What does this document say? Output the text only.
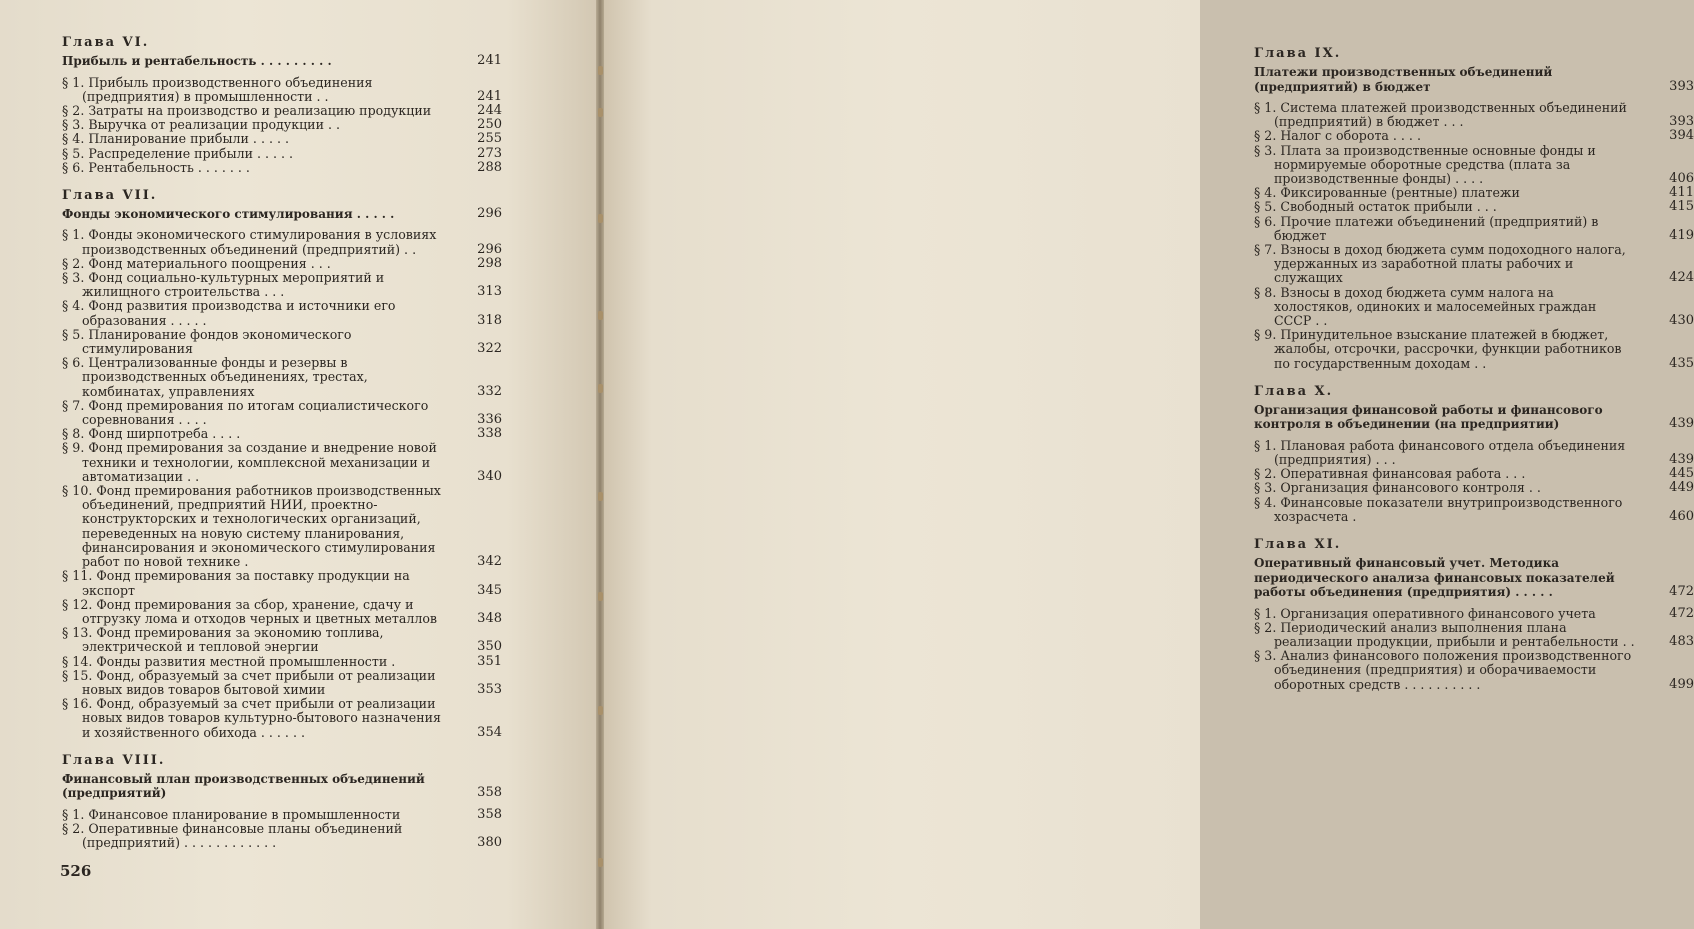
Глава VI.
Прибыль и рентабельность . . . . . . . . .	241
§ 1. Прибыль производственного объединения (предприятия) в промышленности . .	241
§ 2. Затраты на производство и реализацию продукции	244
§ 3. Выручка от реализации продукции . .	250
§ 4. Планирование прибыли . . . . .	255
§ 5. Распределение прибыли . . . . .	273
§ 6. Рентабельность . . . . . . .	288
Глава VII.
Фонды экономического стимулирования . . . . .	296
§ 1. Фонды экономического стимулирования в условиях производственных объединений (предприятий) . .	296
§ 2. Фонд материального поощрения . . .	298
§ 3. Фонд социально-культурных мероприятий и жилищного строительства . . .	313
§ 4. Фонд развития производства и источники его образования . . . . .	318
§ 5. Планирование фондов экономического стимулирования	322
§ 6. Централизованные фонды и резервы в производственных объединениях, трестах, комбинатах, управлениях	332
§ 7. Фонд премирования по итогам социалистического соревнования . . . .	336
§ 8. Фонд ширпотреба . . . .	338
§ 9. Фонд премирования за создание и внедрение новой техники и технологии, комплексной механизации и автоматизации . .	340
§ 10. Фонд премирования работников производственных объединений, предприятий НИИ, проектно-конструкторских и технологических организаций, переведенных на новую систему планирования, финансирования и экономического стимулирования работ по новой технике .	342
§ 11. Фонд премирования за поставку продукции на экспорт	345
§ 12. Фонд премирования за сбор, хранение, сдачу и отгрузку лома и отходов черных и цветных металлов	348
§ 13. Фонд премирования за экономию топлива, электрической и тепловой энергии	350
§ 14. Фонды развития местной промышленности .	351
§ 15. Фонд, образуемый за счет прибыли от реализации новых видов товаров бытовой химии	353
§ 16. Фонд, образуемый за счет прибыли от реализации новых видов товаров культурно-бытового назначения и хозяйственного обихода . . . . . .	354
Глава VIII.
Финансовый план производственных объединений (предприятий)	358
§ 1. Финансовое планирование в промышленности	358
§ 2. Оперативные финансовые планы объединений (предприятий) . . . . . . . . . . . .	380
526
Глава IX.
Платежи производственных объединений (предприятий) в бюджет	393
§ 1. Система платежей производственных объединений (предприятий) в бюджет . . .	393
§ 2. Налог с оборота . . . .	394
§ 3. Плата за производственные основные фонды и нормируемые оборотные средства (плата за производственные фонды) . . . .	406
§ 4. Фиксированные (рентные) платежи	411
§ 5. Свободный остаток прибыли . . .	415
§ 6. Прочие платежи объединений (предприятий) в бюджет	419
§ 7. Взносы в доход бюджета сумм подоходного налога, удержанных из заработной платы рабочих и служащих	424
§ 8. Взносы в доход бюджета сумм налога на холостяков, одиноких и малосемейных граждан СССР . .	430
§ 9. Принудительное взыскание платежей в бюджет, жалобы, отсрочки, рассрочки, функции работников по государственным доходам . .	435
Глава X.
Организация финансовой работы и финансового контроля в объединении (на предприятии)	439
§ 1. Плановая работа финансового отдела объединения (предприятия) . . .	439
§ 2. Оперативная финансовая работа . . .	445
§ 3. Организация финансового контроля . .	449
§ 4. Финансовые показатели внутрипроизводственного хозрасчета .	460
Глава XI.
Оперативный финансовый учет. Методика периодического анализа финансовых показателей работы объединения (предприятия) . . . . .	472
§ 1. Организация оперативного финансового учета	472
§ 2. Периодический анализ выполнения плана реализации продукции, прибыли и рентабельности . .	483
§ 3. Анализ финансового положения производственного объединения (предприятия) и оборачиваемости оборотных средств . . . . . . . . . .	499
